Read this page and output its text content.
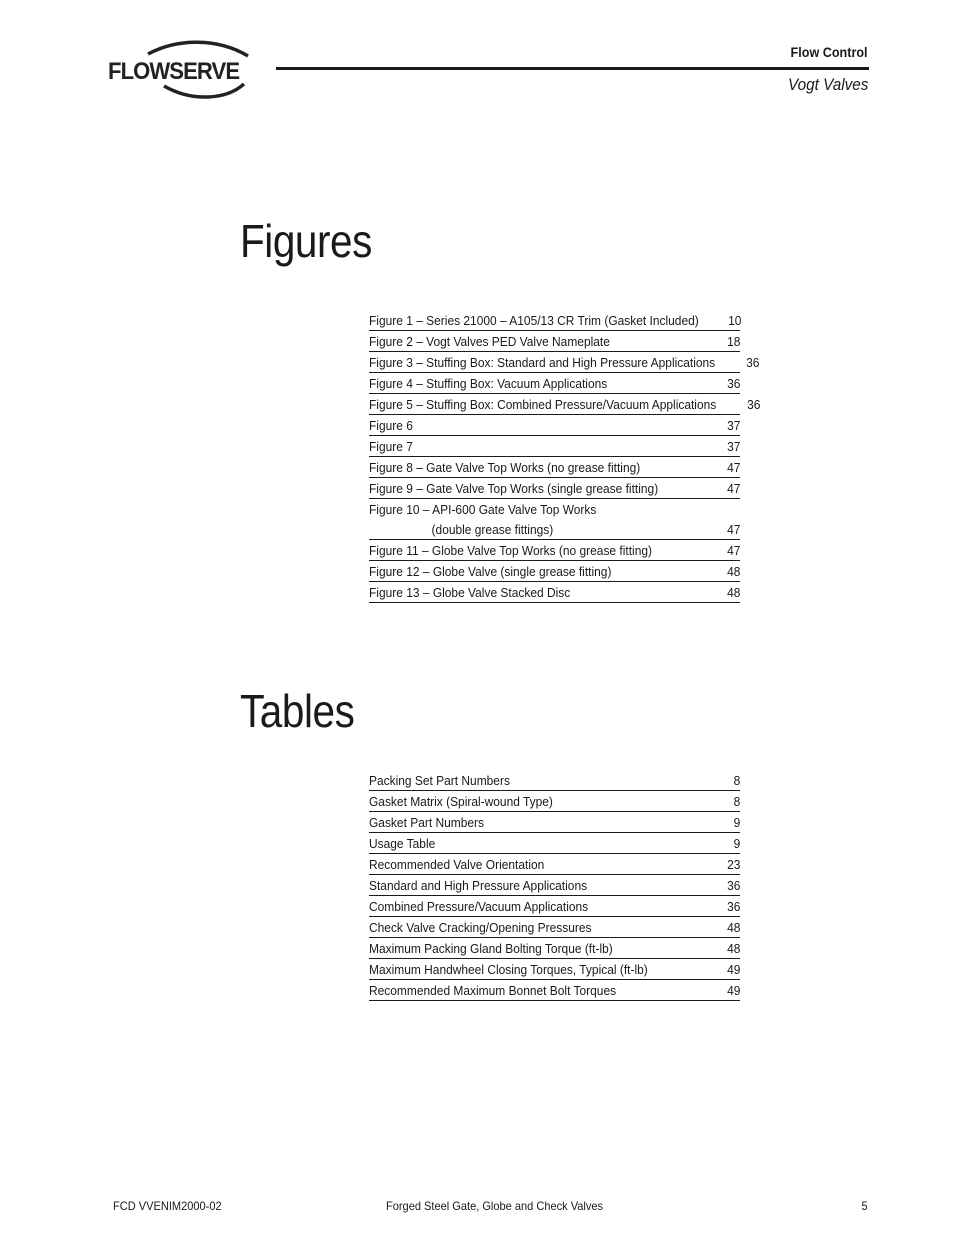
FLOWSERVE
Flow Control
Vogt Valves
Figures
Figure 1 – Series 21000 – A105/13 CR Trim (Gasket Included) 10
Figure 2 – Vogt Valves PED Valve Nameplate	18
Figure 3 – Stuffing Box: Standard and High Pressure Applications 36
Figure 4 – Stuffing Box: Vacuum Applications	36
Figure 5 – Stuffing Box: Combined Pressure/Vacuum Applications 36
Figure 6	37
Figure 7	37
Figure 8 – Gate Valve Top Works (no grease fitting)	47
Figure 9 – Gate Valve Top Works (single grease fitting)	47
Figure 10 – API-600 Gate Valve Top Works
(double grease fittings)	47
Figure 11 – Globe Valve Top Works (no grease fitting)	47
Figure 12 – Globe Valve (single grease fitting)	48
Figure 13 – Globe Valve Stacked Disc	48
Tables
Packing Set Part Numbers	8
Gasket Matrix (Spiral-wound Type)	8
Gasket Part Numbers	9
Usage Table	9
Recommended Valve Orientation	23
Standard and High Pressure Applications	36
Combined Pressure/Vacuum Applications	36
Check Valve Cracking/Opening Pressures	48
Maximum Packing Gland Bolting Torque (ft-lb)	48
Maximum Handwheel Closing Torques, Typical (ft-lb)	49
Recommended Maximum Bonnet Bolt Torques	49
FCD VVENIM2000-02	Forged Steel Gate, Globe and Check Valves	5
